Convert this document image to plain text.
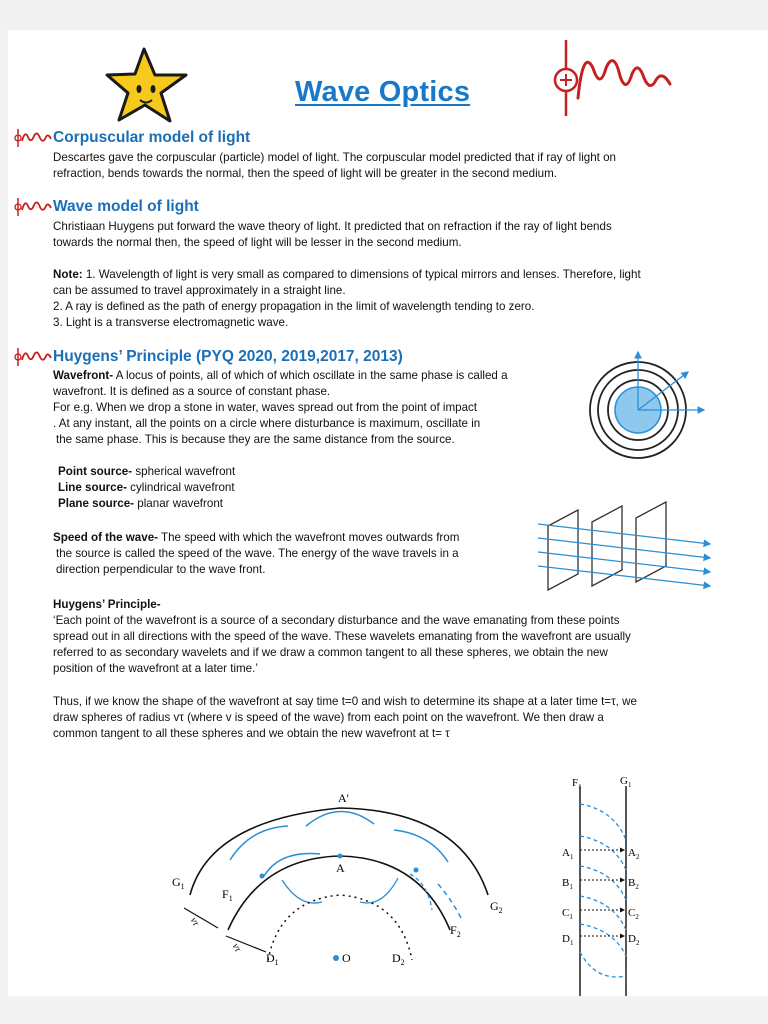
Wave Optics
Corpuscular model of light
Descartes gave the corpuscular (particle) model of light. The corpuscular model predicted that if ray of light on
refraction, bends towards the normal, then the speed of light will be greater in the second medium.
Wave model of light
Christiaan Huygens put forward the wave theory of light. It predicted that on refraction if the ray of light bends
towards the normal then, the speed of light will be lesser in the second medium.
Note: 1. Wavelength of light is very small as compared to dimensions of typical mirrors and lenses. Therefore, light
can be assumed to travel approximately in a straight line.
2. A ray is defined as the path of energy propagation in the limit of wavelength tending to zero.
3. Light is a transverse electromagnetic wave.
Huygens’ Principle (PYQ 2020, 2019,2017, 2013)
Wavefront- A locus of points, all of which of which oscillate in the same phase is called a
wavefront. It is defined as a source of constant phase.
For e.g. When we drop a stone in water, waves spread out from the point of impact
. At any instant, all the points on a circle where disturbance is maximum, oscillate in
the same phase. This is because they are the same distance from the source.
Point source- spherical wavefront
Line source- cylindrical wavefront
Plane source- planar wavefront
Speed of the wave- The speed with which the wavefront moves outwards from
the source is called the speed of the wave. The energy of the wave travels in a
direction perpendicular to the wave front.
Huygens’ Principle-
‘Each point of the wavefront is a source of a secondary disturbance and the wave emanating from these points
spread out in all directions with the speed of the wave. These wavelets emanating from the wavefront are usually
referred to as secondary wavelets and if we draw a common tangent to all these spheres, we obtain the new
position of the wavefront at a later time.’
Thus, if we know the shape of the wavefront at say time t=0 and wish to determine its shape at a later time t=τ, we
draw spheres of radius vτ (where v is speed of the wave) from each point on the wavefront. We then draw a
common tangent to all these spheres and we obtain the new wavefront at t= τ
A'
A
$G_1$
$F_1$
$G_2$
$F_2$
$D_1$	$D_2$
O
vτ
vτ
$F_1$	$G_1$
$A_1$	$A_2$
$B_1$	$B_2$
$C_1$	$C_2$
$D_1$	$D_2$
